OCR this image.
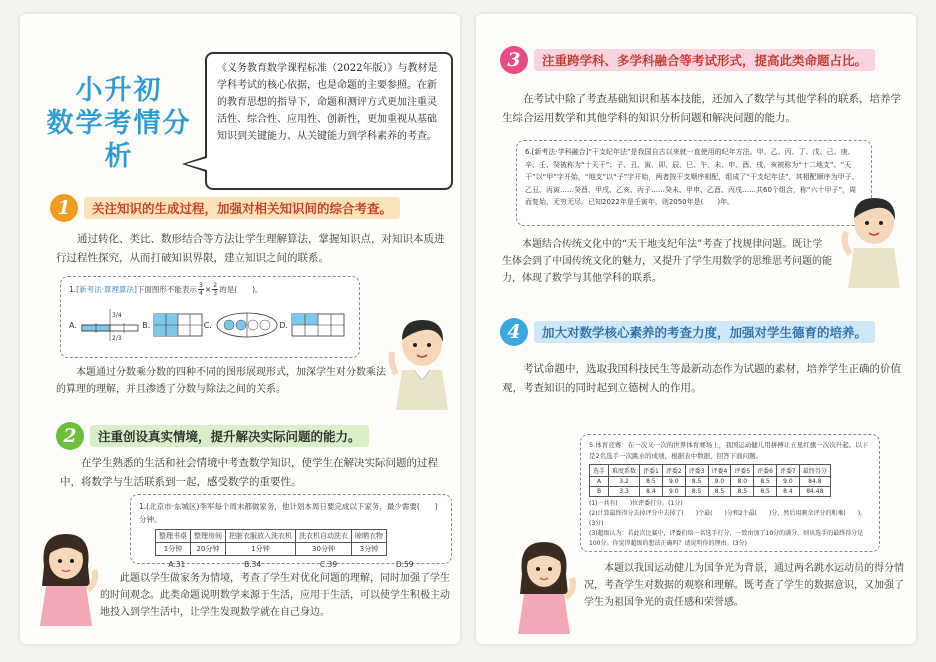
小升初
数学考情分析
《义务教育数学课程标准（2022年版）》与教材是学科考试的核心依据，也是命题的主要参照。在新的教育思想的指导下，命题和测评方式更加注重灵活性、综合性、应用性、创新性，更加重视从基础知识到关键能力、从关键能力到学科素养的考查。
1	关注知识的生成过程，加强对相关知识间的综合考查。
通过转化、类比、数形结合等方法让学生理解算法，掌握知识点，对知识本质进行过程性探究，从而打破知识界限，建立知识之间的联系。
1. [新考法·算理算法] 下面图形不能表示 $\frac{3}{4} \times \frac{2}{3}$ 的是(　　)。
A.
3/4
2/3
B.	C.	D.
本题通过分数乘分数的四种不同的图形展现形式，加深学生对分数乘法的算理的理解，并且渗透了分数与除法之间的关系。
2	注重创设真实情境，提升解决实际问题的能力。
在学生熟悉的生活和社会情境中考查数学知识，使学生在解决实际问题的过程中，将数学与生活联系到一起，感受数学的重要性。
1.(北京市·东城区)李军每个周末都做家务，他计划本周日要完成以下家务，最少需要(　　)分钟。
整理书桌	整理房间	把脏衣服放入洗衣机	洗衣机自动洗衣	晾晒衣物
1分钟	20分钟	1分钟	30分钟	3分钟
A.31	B.34	C.39	D.59
此题以学生做家务为情境，考查了学生对优化问题的理解，同时加强了学生的时间观念。此类命题说明数学来源于生活，应用于生活，可以使学生积极主动地投入到学生活中，让学生发现数学就在自己身边。
3	注重跨学科、多学科融合等考试形式，提高此类命题占比。
在考试中除了考查基础知识和基本技能，还加入了数学与其他学科的联系，培养学生综合运用数学和其他学科的知识分析问题和解决问题的能力。
6.[新考法·学科融合]“干支纪年法”是我国自古以来就一直使用的纪年方法。甲、乙、丙、丁、戊、己、庚、辛、壬、癸被称为“十天干”；子、丑、寅、卯、辰、巳、午、未、申、酉、戌、亥被称为“十二地支”。“天干”以“甲”字开始，“地支”以“子”字开始，两者按干支顺序相配，组成了“干支纪年法”，其相配顺序为甲子、乙丑、丙寅……癸酉、甲戌、乙亥、丙子……癸未、甲申、乙酉、丙戌……共60个组合，称“六十甲子”，周而复始，无穷无尽。已知2022年是壬寅年，则2050年是(　　)年。
本题结合传统文化中的“天干地支纪年法”考查了找规律问题。既让学生体会到了中国传统文化的魅力，又提升了学生用数学的思维思考问题的能力，体现了数学与其他学科的联系。
4	加大对数学核心素养的考查力度，加强对学生德育的培养。
考试命题中，选取我国科技民生等最新动态作为试题的素材，培养学生正确的价值观，考查知识的同时起到立德树人的作用。
5.体育竞赛：在一次又一次的世界体育赛场上，我国运动健儿用拼搏让五星红旗一次次升起。以下是2名选手一次跳水的成绩，根据表中数据，回答下面问题。
选手	难度系数	评委1	评委2	评委3	评委4	评委5	评委6	评委7	最终得分
A	3.2	8.5	9.0	8.5	9.0	8.0	8.5	9.0	84.8
B	3.3	8.4	9.0	8.5	8.5	8.5	8.5	8.4	84.48
(1)一共有(　　)位评委打分。(1分)
(2)计算最终得分去掉评分中去掉了(　　)个最(　　)分和2个最(　　)分，然后用剩余评分的和乘(　　)。(3分)
(3)超级认为：若此次比赛中，评委们给一名选手打分，一致由加了10分的满分，则该选手的最终得分是100分。你觉得超级的想法正确吗？请说明你的理由。(3分)
本题以我国运动健儿为国争光为背景，通过两名跳水运动员的得分情况，考查学生对数据的观察和理解。既考查了学生的数据意识，又加强了学生为祖国争光的责任感和荣誉感。
